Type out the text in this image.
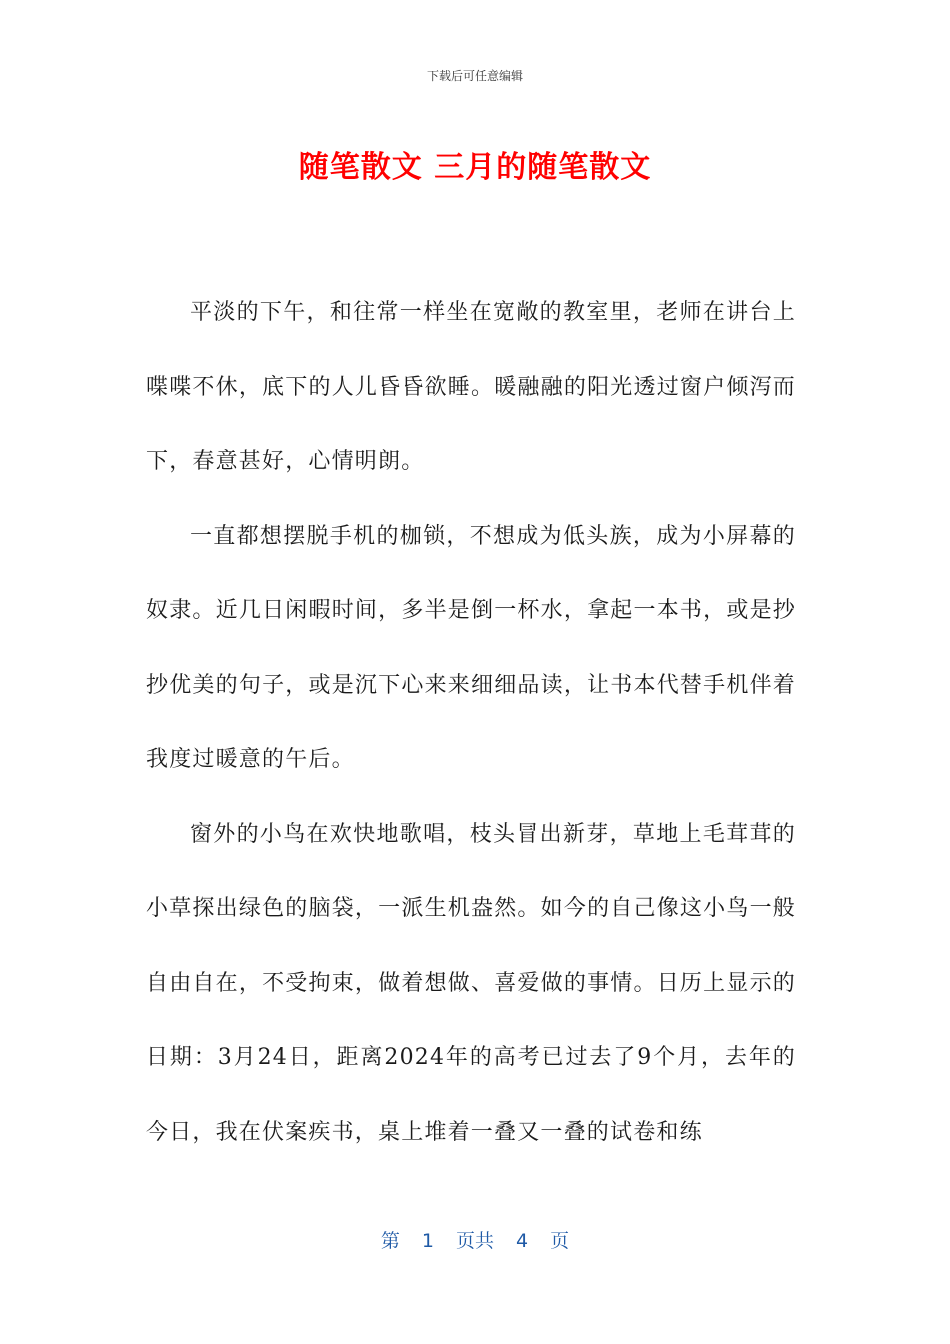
下载后可任意编辑
随笔散文 三月的随笔散文

平淡的下午，和往常一样坐在宽敞的教室里，老师在讲台上喋喋不休，底下的人儿昏昏欲睡。暖融融的阳光透过窗户倾泻而下，春意甚好，心情明朗。

一直都想摆脱手机的枷锁，不想成为低头族，成为小屏幕的奴隶。近几日闲暇时间，多半是倒一杯水，拿起一本书，或是抄抄优美的句子，或是沉下心来来细细品读，让书本代替手机伴着我度过暖意的午后。

窗外的小鸟在欢快地歌唱，枝头冒出新芽，草地上毛茸茸的小草探出绿色的脑袋，一派生机盎然。如今的自己像这小鸟一般自由自在，不受拘束，做着想做、喜爱做的事情。日历上显示的日期：3月24日，距离2024年的高考已过去了9个月，去年的今日，我在伏案疾书，桌上堆着一叠又一叠的试卷和练

第 1 页共 4 页
